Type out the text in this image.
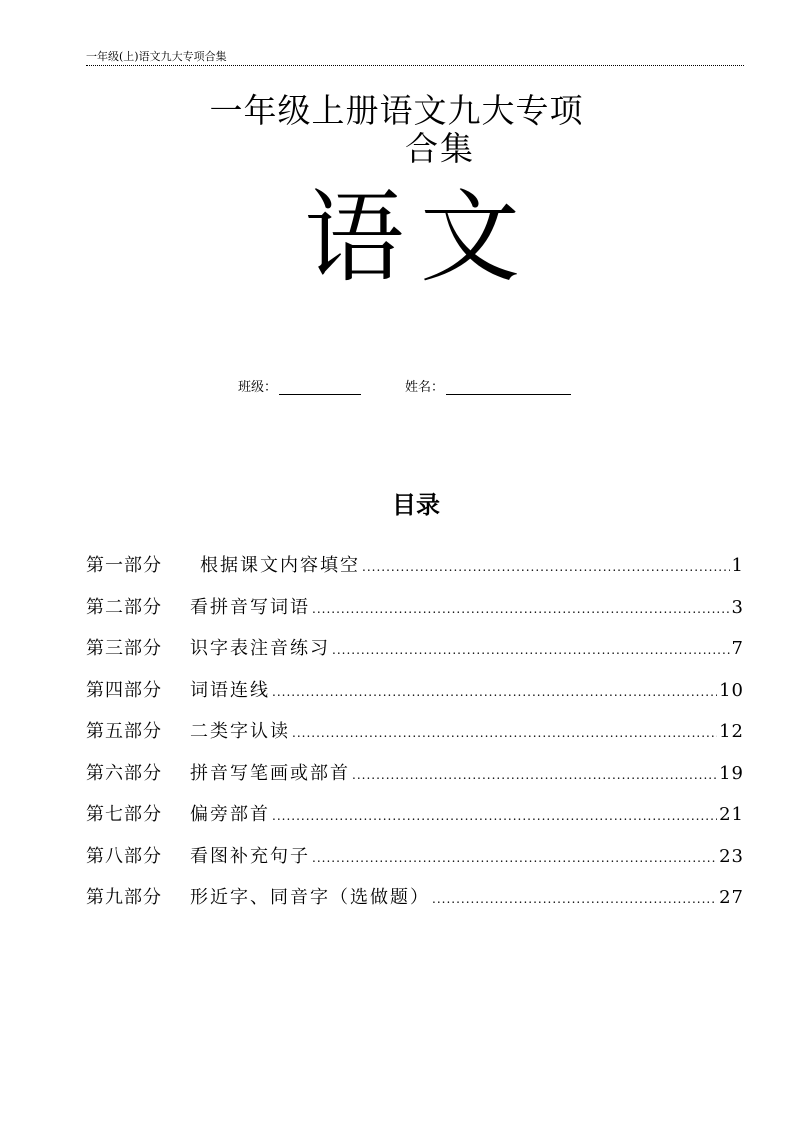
一年级(上)语文九大专项合集
一年级上册语文九大专项
合集
语文
班级：	姓名：
目录
第一部分	根据课文内容填空 .....	1
第二部分	看拼音写词语 .....	3
第三部分	识字表注音练习 .....	7
第四部分	词语连线 .....	10
第五部分	二类字认读 .....	12
第六部分	拼音写笔画或部首 .....	19
第七部分	偏旁部首 .....	21
第八部分	看图补充句子 .....	23
第九部分	形近字、同音字（选做题） .....	27
